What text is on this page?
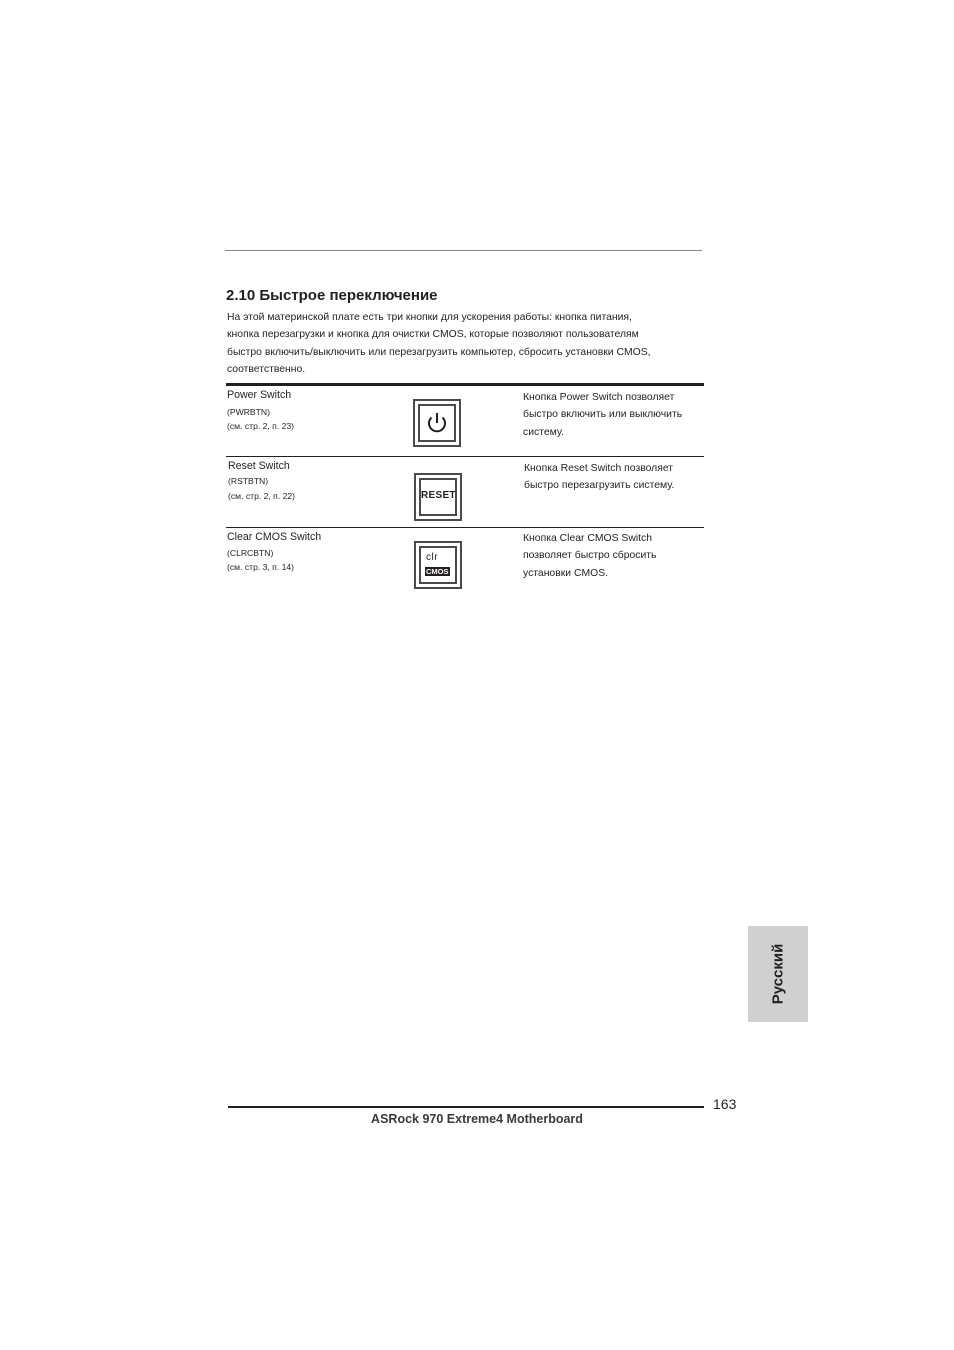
2.10 Быстрое переключение

На этой материнской плате есть три кнопки для ускорения работы: кнопка питания,
кнопка перезагрузки и кнопка для очистки CMOS, которые позволяют пользователям
быстро включить/выключить или перезагрузить компьютер, сбросить установки CMOS,
соответственно.

Power Switch
(PWRBTN)
(см. стр. 2, п. 23)

Кнопка Power Switch позволяет
быстро включить или выключить
систему.

Reset Switch
(RSTBTN)
(см. стр. 2, п. 22)	RESET

Кнопка Reset Switch позволяет
быстро перезагрузить систему.

Clear CMOS Switch
(CLRCBTN)
(см. стр. 3, п. 14)
clr
CMOS

Кнопка Clear CMOS Switch
позволяет быстро сбросить
установки CMOS.

Русский
163
ASRock 970 Extreme4 Motherboard
